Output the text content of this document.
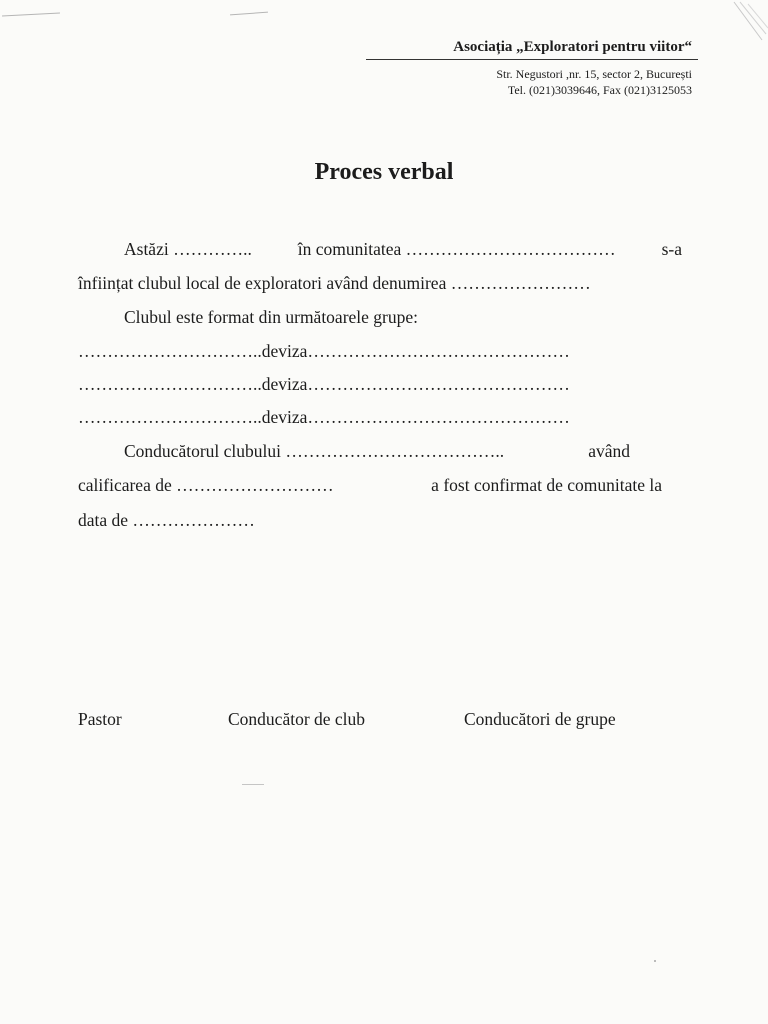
Asociația „Exploratori pentru viitor“
Str. Negustori ,nr. 15, sector 2, București
Tel. (021)3039646, Fax (021)3125053
Proces verbal
Astăzi …………..	în comunitatea ………………………………	s-a
înființat clubul local de exploratori având denumirea ……………………
Clubul este format din următoarele grupe:
…………………………..deviza………………………………………
…………………………..deviza………………………………………
…………………………..deviza………………………………………
Conducătorul clubului ………………………………..	având
calificarea de ………………………	a fost confirmat de comunitate la
data de …………………
Pastor	Conducător de club	Conducători de grupe
